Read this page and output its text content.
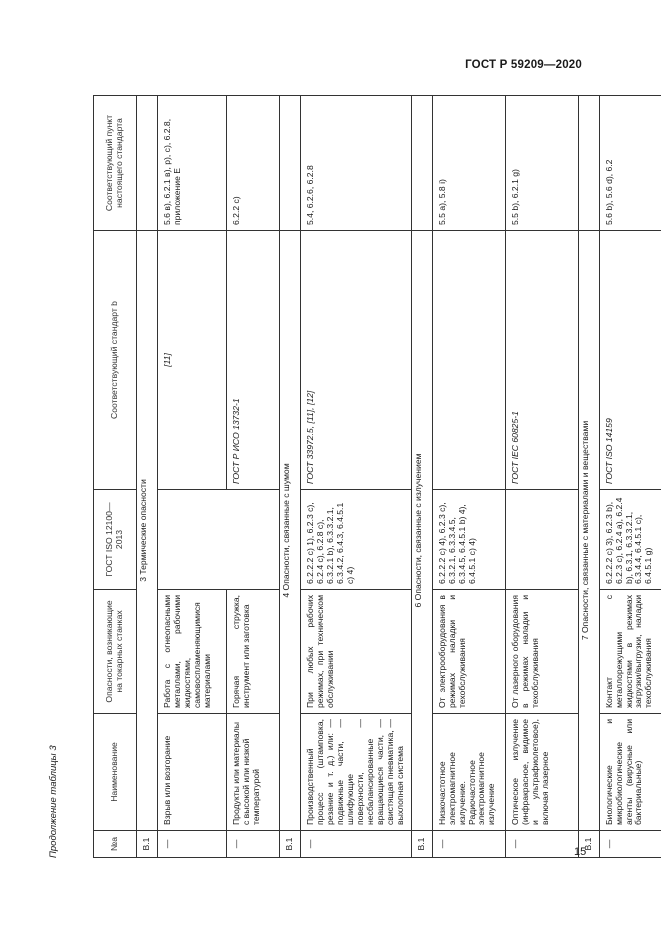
ГОСТ Р 59209—2020
Продолжение таблицы 3	№a	Наименование	Опасности, возникающие на токарных станках	ГОСТ ISO 12100—2013	Соответствующий стандарт b	Соответствующий пункт настоящего стандарта
B.1	3 Термические опасности				
—	Взрыв или возгорание	Работа с огнеопасными металлами, рабочими жидкостями, самовоспламеняющимися материалами		[11]	5.6 в), 6.2.1 в), р), с), 6.2.8, приложение Е
—	Продукты или материалы с высокой или низкой температурой	Горячая стружка, инструмент или заготовка		ГОСТ Р ИСО 13732-1	6.2.2 с)
B.1	4 Опасности, связанные с шумом				
—	Производственный процесс (штамповка, резание и т. д.) или: — подвижные части, — шлифующие поверхности, — несбалансированные вращающиеся части, — свистящая пневматика, — выхлопная система	При любых рабочих режимах, при техническом обслуживании	6.2.2.2 с) 1), 6.2.3 с), 6.2.4 с), 6.2.8 с), 6.3.2.1 b), 6.3.3.2.1, 6.3.4.2, 6.4.3, 6.4.5.1 с) 4)	ГОСТ 33972.5, [11], [12]	5.4, 6.2.6, 6.2.8
B.1	6 Опасности, связанные с излучением				
—	Низкочастотное электромагнитное излучение. Радиочастотное электромагнитное излучение	От электрооборудования в режимах наладки и техобслуживания	6.2.2.2 с) 4), 6.2.3 с), 6.3.2.1, 6.3.3.4.5, 6.3.4.5, 6.4.5.1 b) 4), 6.4.5.1 с) 4)		5.5 а), 5.8 i)
—	Оптическое излучение (инфракрасное, видимое и ультрафиолетовое), включая лазерное	От лазерного оборудования в режимах наладки и техобслуживания		ГОСТ IEC 60825-1	5.5 b), 6.2.1 g)
B.1	7 Опасности, связанные с материалами и веществами				
—	Биологические и микробиологические агенты (вирусные или бактериальные)	Контакт с металлорежущими жидкостями в режимах загрузки/выгрузки, наладки техобслуживания	6.2.2.2 с) 3), 6.2.3 b), 6.2.3 с), 6.2.4 а), 6.2.4 b), 6.3.1, 6.3.3.2.1, 6.3.4.4, 6.4.5.1 с), 6.4.5.1 g)	ГОСТ ISO 14159	5.6 b), 5.6 d), 6.2
15
